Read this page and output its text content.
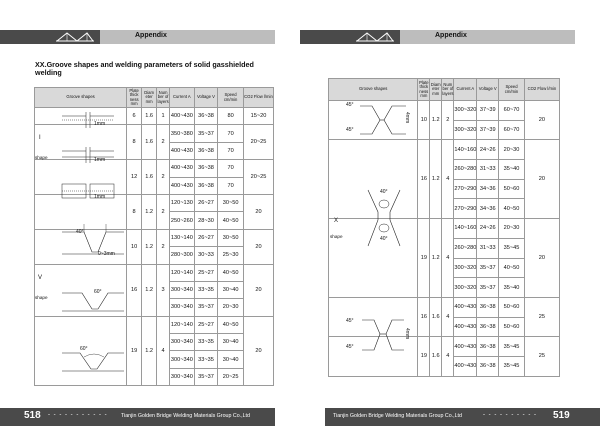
Appendix
XX.Groove shapes and welding parameters of solid gasshielded welding
Groove shapes	Plate thick ness mm	Diam eter mm	Num ber of layers	Current A	Voltage V	Speed cm/min	CO2 Flow l/min
	6	1.6	1	400~430	36~38	80	15~20
	8	1.6	2	350~380	35~37	70	20~25
				400~430	36~38	70	
	12	1.6	2	400~430	36~38	70	20~25
				400~430	36~38	70	
	8	1.2	2	120~130	26~27	30~50	20
				250~260	28~30	40~50	
	10	1.2	2	130~140	26~27	30~50	20
				280~300	30~33	25~30	
	16	1.2	3	120~140	25~27	40~50	20
				300~340	33~35	30~40	
				300~340	35~37	20~30	
	19	1.2	4	120~140	25~27	40~50	20
				300~340	33~35	30~40	
				300~340	33~35	30~40	
				300~340	35~37	20~25	
I
shape
V
shape
1mm
1mm
1mm
40°
0~3mm
60°
60°
518 - - - - - - - - - - -	Tianjin Golden Bridge Welding Materials Group Co.,Ltd
Appendix
Groove shapes	Plate thick ness mm	Diam eter mm	Num ber of layers	Current A	Voltage V	Speed cm/min	CO2 Flow l/min
	10	1.2	2	300~320	37~39	60~70	20
				300~320	37~39	60~70	
	16	1.2	4	140~160	24~26	20~30	20
				260~280	31~33	35~40	
				270~290	34~36	50~60	
				270~290	34~36	40~50	
	19	1.2	4	140~160	24~26	20~30	20
				260~280	31~33	35~45	
				300~320	35~37	40~50	
				300~320	35~37	35~40	
	16	1.6	4	400~430	36~38	50~60	25
				400~430	36~38	50~60	
	19	1.6	4	400~430	36~38	35~45	25
				400~430	36~38	35~45	
X
shape
45°
45°
4mm
40°
40°
45°
45°
4mm
Tianjin Golden Bridge Welding Materials Group Co.,Ltd	- - - - - - - - - - 519
